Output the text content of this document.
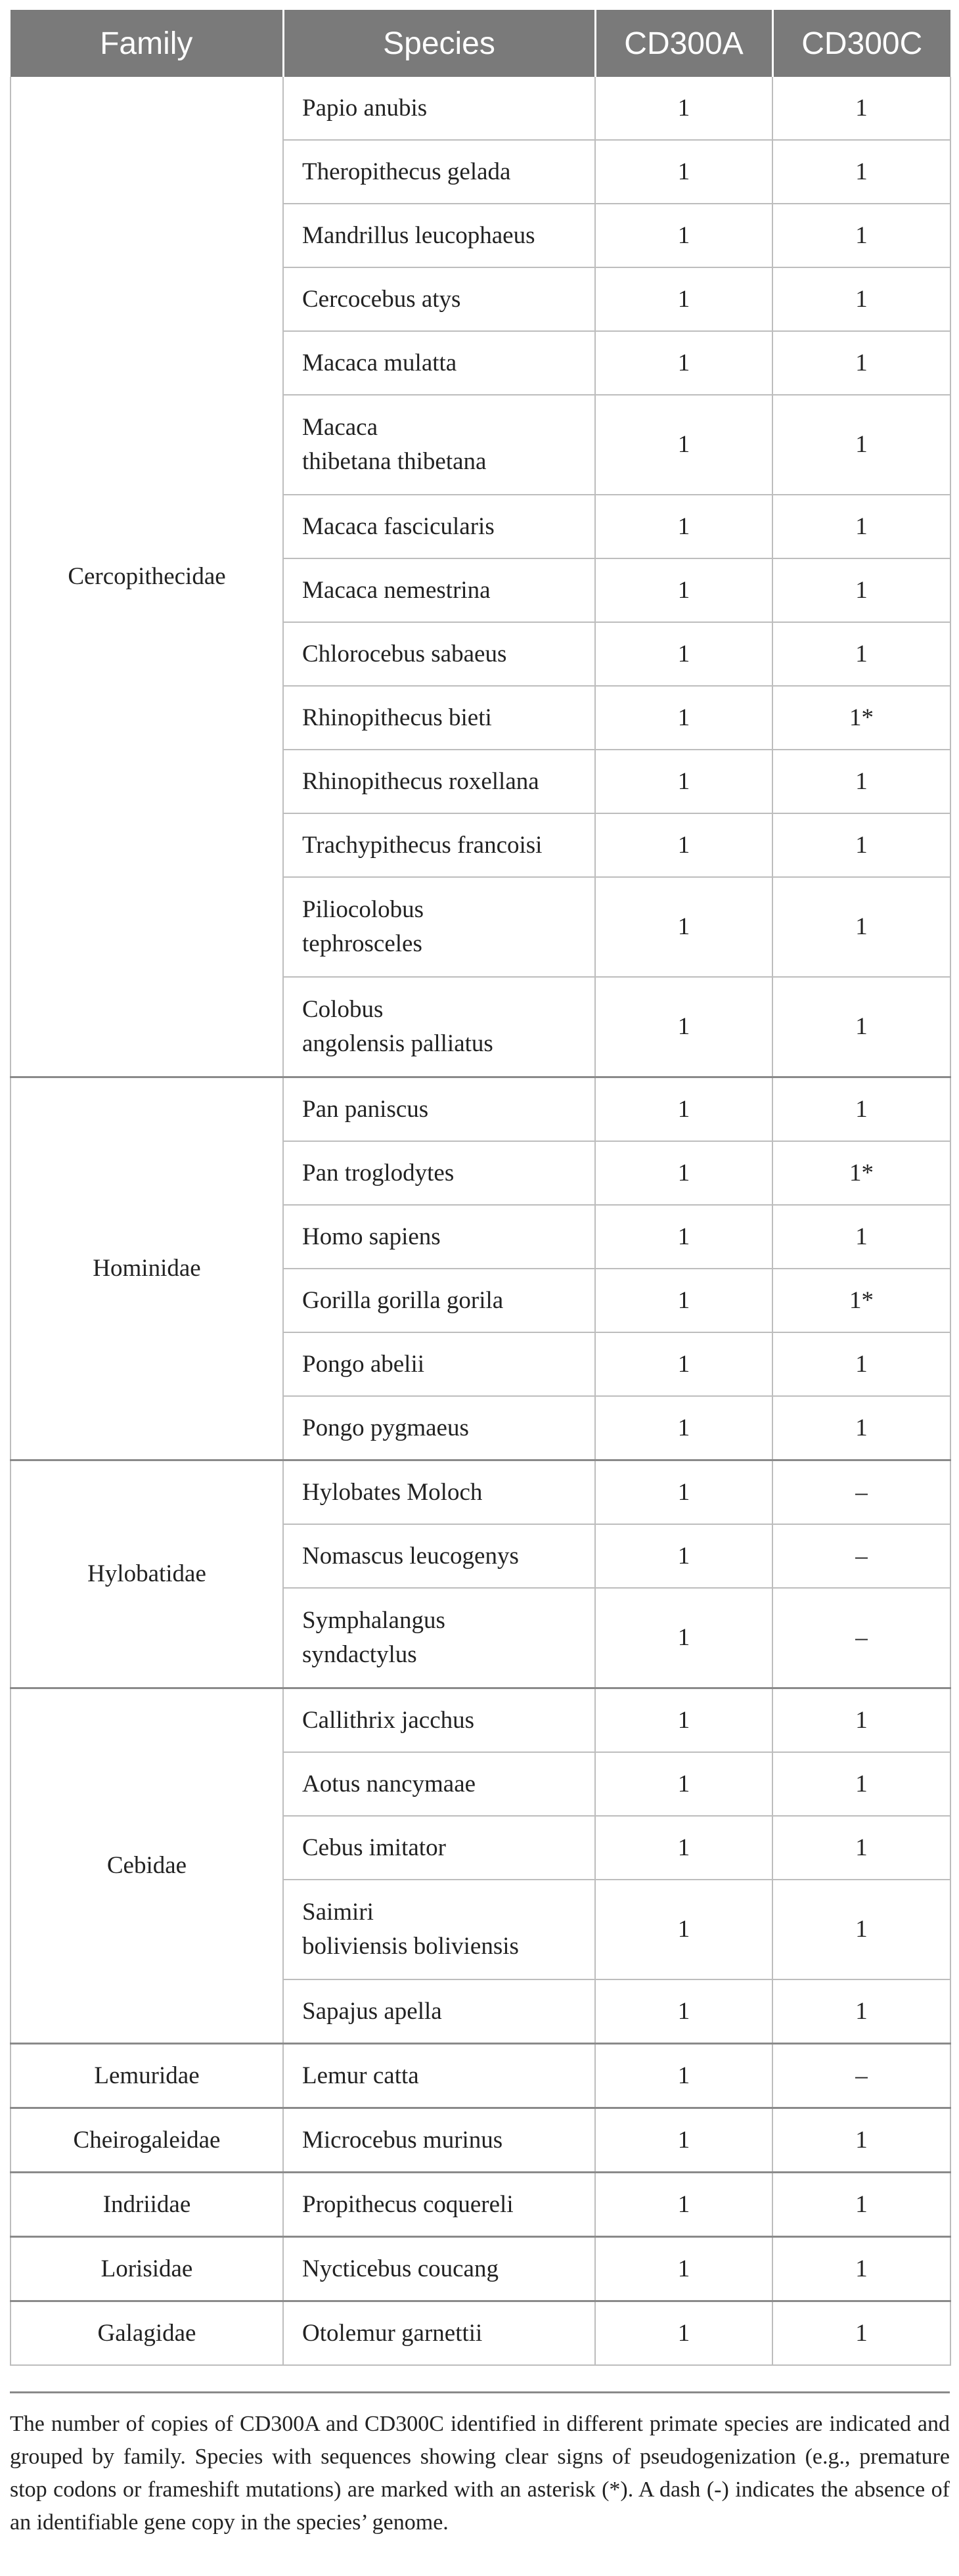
Family	Species	CD300A	CD300C
Cercopithecidae	Papio anubis	1	1

	Theropithecus gelada	1	1

	Mandrillus leucophaeus	1	1

	Cercocebus atys	1	1

	Macaca mulatta	1	1

	Macaca
thibetana thibetana	1	1

	Macaca fascicularis	1	1

	Macaca nemestrina	1	1

	Chlorocebus sabaeus	1	1

	Rhinopithecus bieti	1	1*

	Rhinopithecus roxellana	1	1

	Trachypithecus francoisi	1	1

	Piliocolobus
tephrosceles	1	1

	Colobus
angolensis palliatus	1	1
Hominidae	Pan paniscus	1	1

	Pan troglodytes	1	1*

	Homo sapiens	1	1

	Gorilla gorilla gorila	1	1*

	Pongo abelii	1	1

	Pongo pygmaeus	1	1
Hylobatidae	Hylobates Moloch	1	–

	Nomascus leucogenys	1	–

	Symphalangus
syndactylus	1	–
Cebidae	Callithrix jacchus	1	1

	Aotus nancymaae	1	1

	Cebus imitator	1	1

	Saimiri
boliviensis boliviensis	1	1

	Sapajus apella	1	1
Lemuridae	Lemur catta	1	–
Cheirogaleidae	Microcebus murinus	1	1
Indriidae	Propithecus coquereli	1	1
Lorisidae	Nycticebus coucang	1	1
Galagidae	Otolemur garnettii	1	1
The number of copies of CD300A and CD300C identified in different primate species are indicated and grouped by family. Species with sequences showing clear signs of pseudogenization (e.g., premature stop codons or frameshift mutations) are marked with an asterisk (*). A dash (-) indicates the absence of an identifiable gene copy in the species’ genome.
